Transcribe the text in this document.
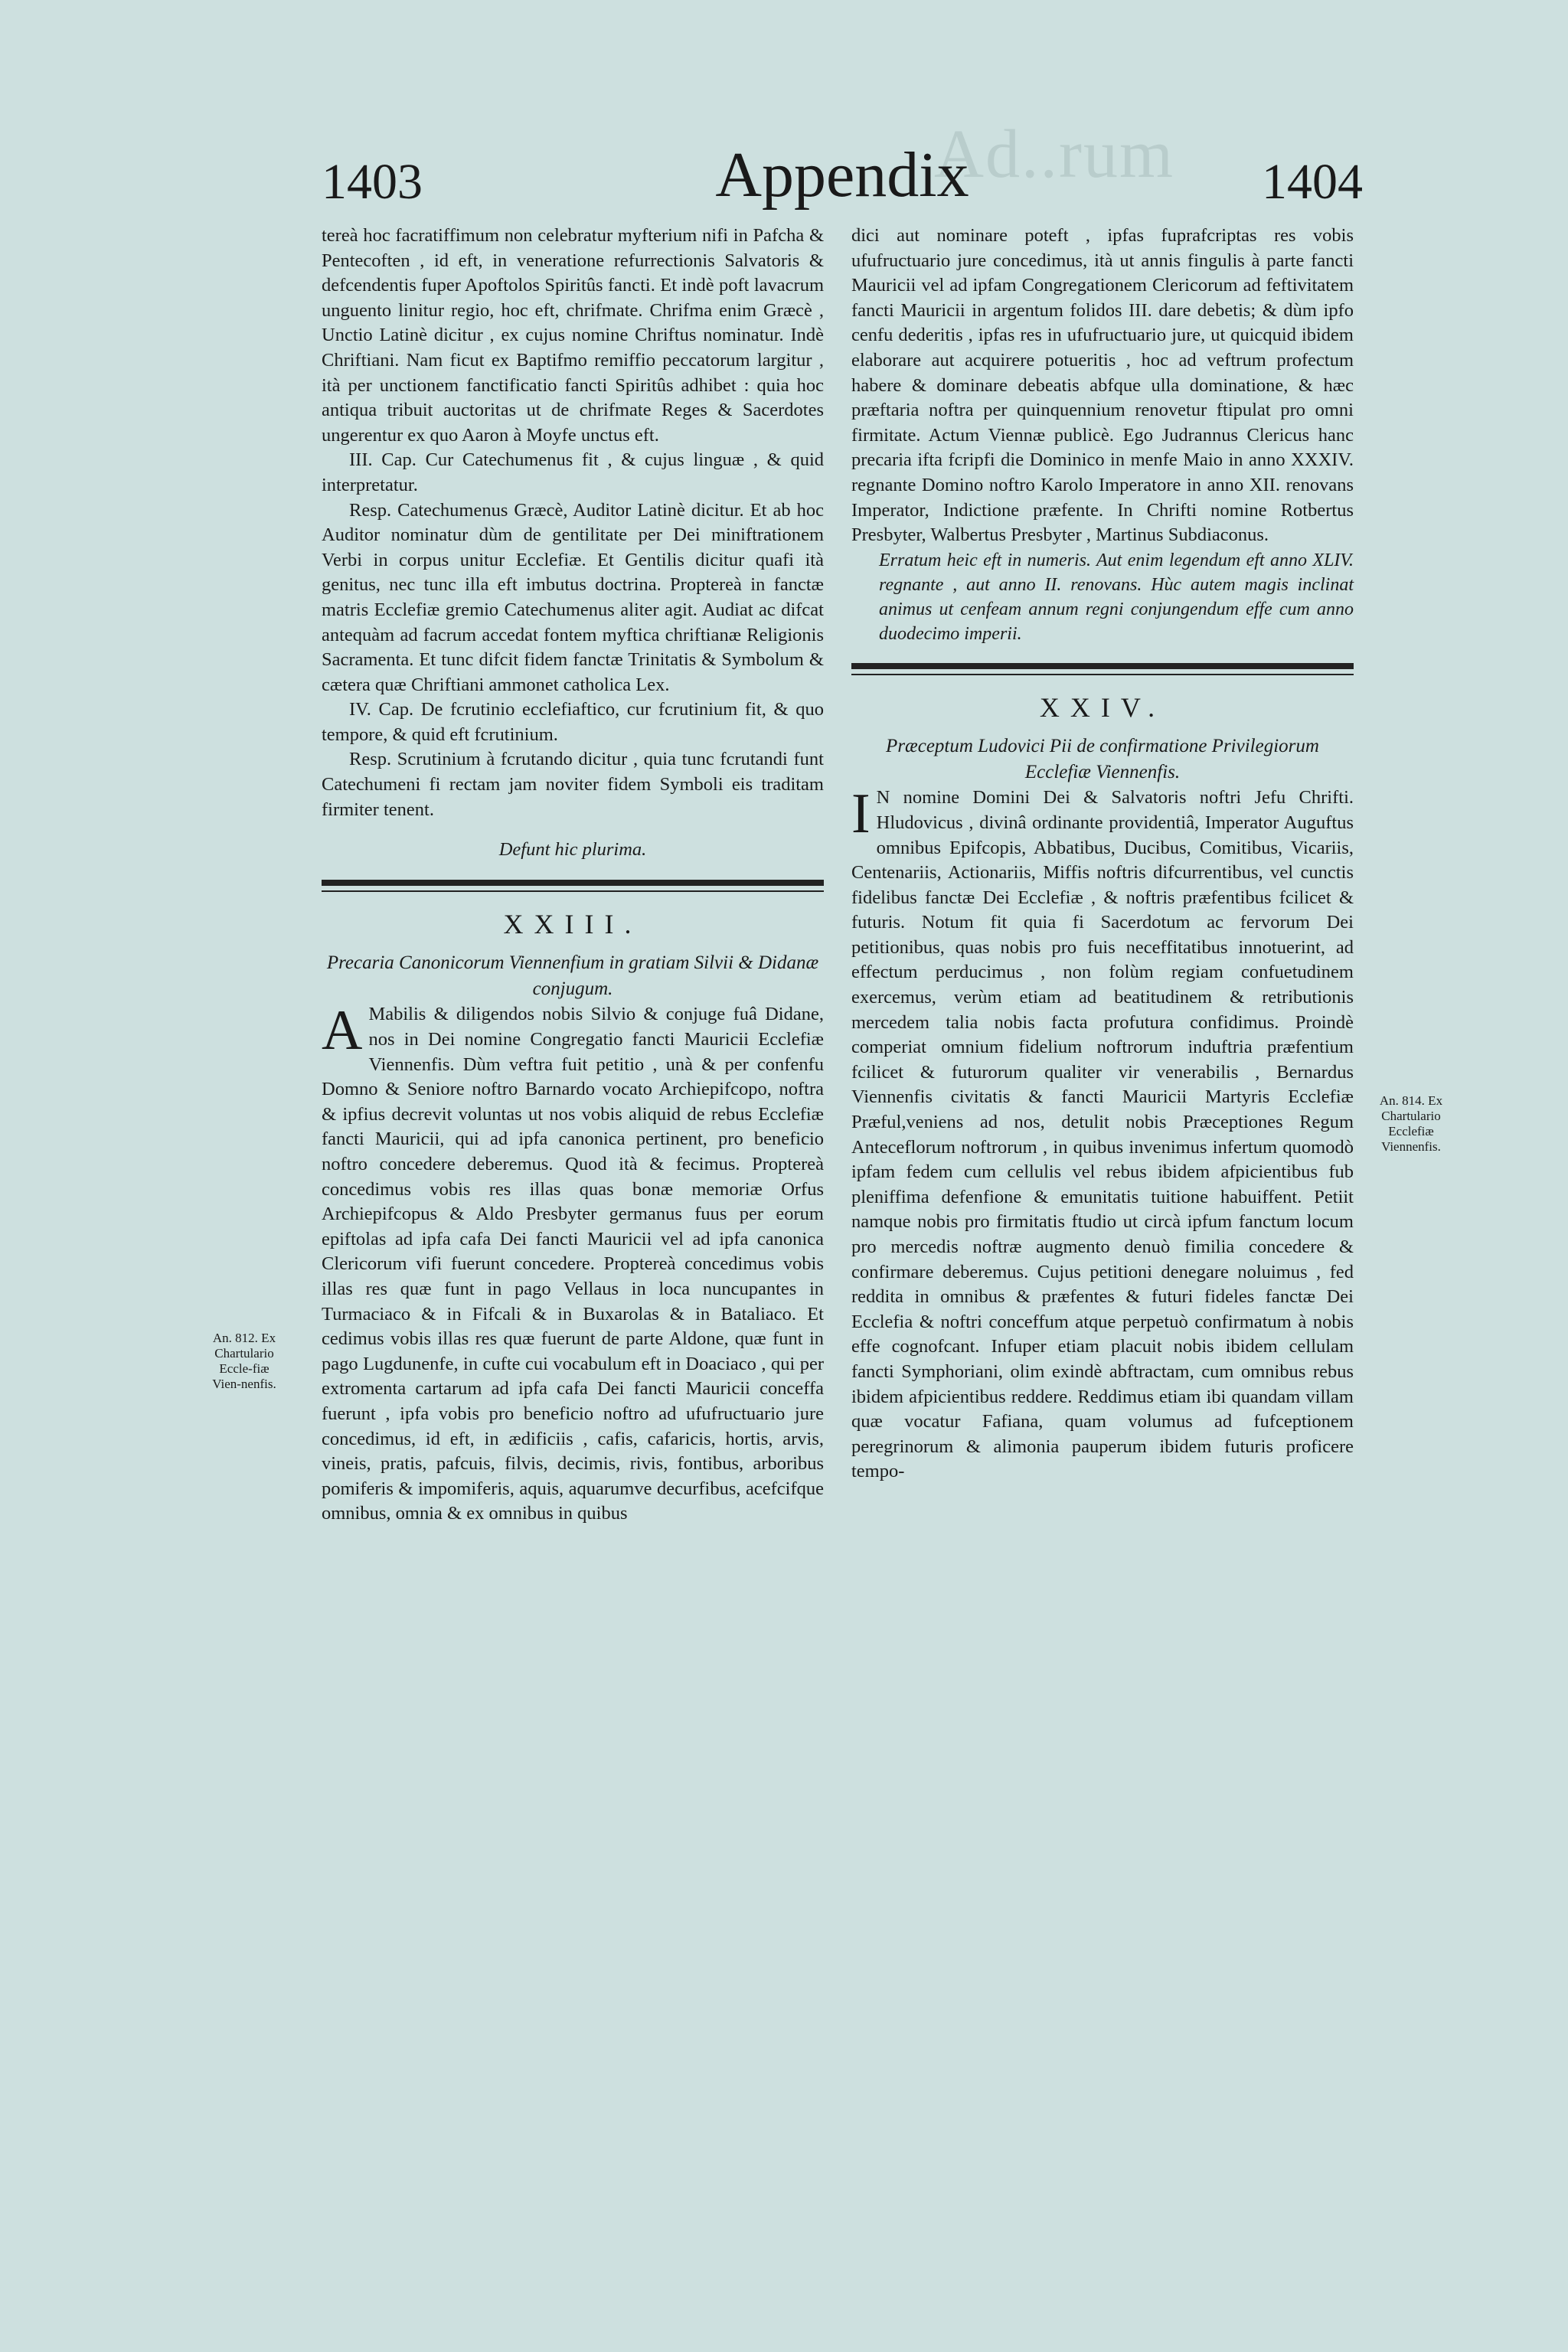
Ad..rum
1403	Appendix	1404

tereà hoc facratiffimum non celebratur myfterium nifi in Pafcha & Pentecoften , id eft, in veneratione refurrectionis Salvatoris & defcendentis fuper Apoftolos Spiritûs fancti. Et indè poft lavacrum unguento linitur regio, hoc eft, chrifmate. Chrifma enim Græcè , Unctio Latinè dicitur , ex cujus nomine Chriftus nominatur. Indè Chriftiani. Nam ficut ex Baptifmo remiffio peccatorum largitur , ità per unctionem fanctificatio fancti Spiritûs adhibet : quia hoc antiqua tribuit auctoritas ut de chrifmate Reges & Sacerdotes ungerentur ex quo Aaron à Moyfe unctus eft.

III. Cap. Cur Catechumenus fit , & cujus linguæ , & quid interpretatur.

Resp. Catechumenus Græcè, Auditor Latinè dicitur. Et ab hoc Auditor nominatur dùm de gentilitate per Dei miniftrationem Verbi in corpus unitur Ecclefiæ. Et Gentilis dicitur quafi ità genitus, nec tunc illa eft imbutus doctrina. Proptereà in fanctæ matris Ecclefiæ gremio Catechumenus aliter agit. Audiat ac difcat antequàm ad facrum accedat fontem myftica chriftianæ Religionis Sacramenta. Et tunc difcit fidem fanctæ Trinitatis & Symbolum & cætera quæ Chriftiani ammonet catholica Lex.

IV. Cap. De fcrutinio ecclefiaftico, cur fcrutinium fit, & quo tempore, & quid eft fcrutinium.

Resp. Scrutinium à fcrutando dicitur , quia tunc fcrutandi funt Catechumeni fi rectam jam noviter fidem Symboli eis traditam firmiter tenent.

Defunt hic plurima.

XXIII.

Precaria Canonicorum Viennenfium in gratiam Silvii & Didanæ conjugum.

A Mabilis & diligendos nobis Silvio & conjuge fuâ Didane, nos in Dei nomine Congregatio fancti Mauricii Ecclefiæ Viennenfis. Dùm veftra fuit petitio , unà & per confenfu Domno & Seniore noftro Barnardo vocato Archiepifcopo, noftra & ipfius decrevit voluntas ut nos vobis aliquid de rebus Ecclefiæ fancti Mauricii, qui ad ipfa canonica pertinent, pro beneficio noftro concedere deberemus. Quod ità & fecimus. Proptereà concedimus vobis res illas quas bonæ memoriæ Orfus Archiepifcopus & Aldo Presbyter germanus fuus per eorum epiftolas ad ipfa cafa Dei fancti Mauricii vel ad ipfa canonica Clericorum vifi fuerunt concedere. Proptereà concedimus vobis illas res quæ funt in pago Vellaus in loca nuncupantes in Turmaciaco & in Fifcali & in Buxarolas & in Bataliaco. Et cedimus vobis illas res quæ fuerunt de parte Aldone, quæ funt in pago Lugdunenfe, in cufte cui vocabulum eft in Doaciaco , qui per extromenta cartarum ad ipfa cafa Dei fancti Mauricii conceffa fuerunt , ipfa vobis pro beneficio noftro ad ufufructuario jure concedimus, id eft, in ædificiis , cafis, cafaricis, hortis, arvis, vineis, pratis, pafcuis, filvis, decimis, rivis, fontibus, arboribus pomiferis & impomiferis, aquis, aquarumve decurfibus, acefcifque omnibus, omnia & ex omnibus in quibus

An. 812. Ex Chartulario Eccle-fiæ Vien-nenfis.

dici aut nominare poteft , ipfas fuprafcriptas res vobis ufufructuario jure concedimus, ità ut annis fingulis à parte fancti Mauricii vel ad ipfam Congregationem Clericorum ad feftivitatem fancti Mauricii in argentum folidos III. dare debetis; & dùm ipfo cenfu dederitis , ipfas res in ufufructuario jure, ut quicquid ibidem elaborare aut acquirere potueritis , hoc ad veftrum profectum habere & dominare debeatis abfque ulla dominatione, & hæc præftaria noftra per quinquennium renovetur ftipulat pro omni firmitate. Actum Viennæ publicè. Ego Judrannus Clericus hanc precaria ifta fcripfi die Dominico in menfe Maio in anno XXXIV. regnante Domino noftro Karolo Imperatore in anno XII. renovans Imperator, Indictione præfente. In Chrifti nomine Rotbertus Presbyter, Walbertus Presbyter , Martinus Subdiaconus.

Erratum heic eft in numeris. Aut enim legendum eft anno XLIV. regnante , aut anno II. renovans. Hùc autem magis inclinat animus ut cenfeam annum regni conjungendum effe cum anno duodecimo imperii.

XXIV.

Præceptum Ludovici Pii de confirmatione Privilegiorum Ecclefiæ Viennenfis.

I N nomine Domini Dei & Salvatoris noftri Jefu Chrifti. Hludovicus , divinâ ordinante providentiâ, Imperator Auguftus omnibus Epifcopis, Abbatibus, Ducibus, Comitibus, Vicariis, Centenariis, Actionariis, Miffis noftris difcurrentibus, vel cunctis fidelibus fanctæ Dei Ecclefiæ , & noftris præfentibus fcilicet & futuris. Notum fit quia fi Sacerdotum ac fervorum Dei petitionibus, quas nobis pro fuis neceffitatibus innotuerint, ad effectum perducimus , non folùm regiam confuetudinem exercemus, verùm etiam ad beatitudinem & retributionis mercedem talia nobis facta profutura confidimus. Proindè comperiat omnium fidelium noftrorum induftria præfentium fcilicet & futurorum qualiter vir venerabilis , Bernardus Viennenfis civitatis & fancti Mauricii Martyris Ecclefiæ Præful,veniens ad nos, detulit nobis Præceptiones Regum Anteceflorum noftrorum , in quibus invenimus infertum quomodò ipfam fedem cum cellulis vel rebus ibidem afpicientibus fub pleniffima defenfione & emunitatis tuitione habuiffent. Petiit namque nobis pro firmitatis ftudio ut circà ipfum fanctum locum pro mercedis noftræ augmento denuò fimilia concedere & confirmare deberemus. Cujus petitioni denegare noluimus , fed reddita in omnibus & præfentes & futuri fideles fanctæ Dei Ecclefia & noftri conceffum atque perpetuò confirmatum à nobis effe cognofcant. Infuper etiam placuit nobis ibidem cellulam fancti Symphoriani, olim exindè abftractam, cum omnibus rebus ibidem afpicientibus reddere. Reddimus etiam ibi quandam villam quæ vocatur Fafiana, quam volumus ad fufceptionem peregrinorum & alimonia pauperum ibidem futuris proficere tempo-

An. 814. Ex Chartulario Ecclefiæ Viennenfis.
